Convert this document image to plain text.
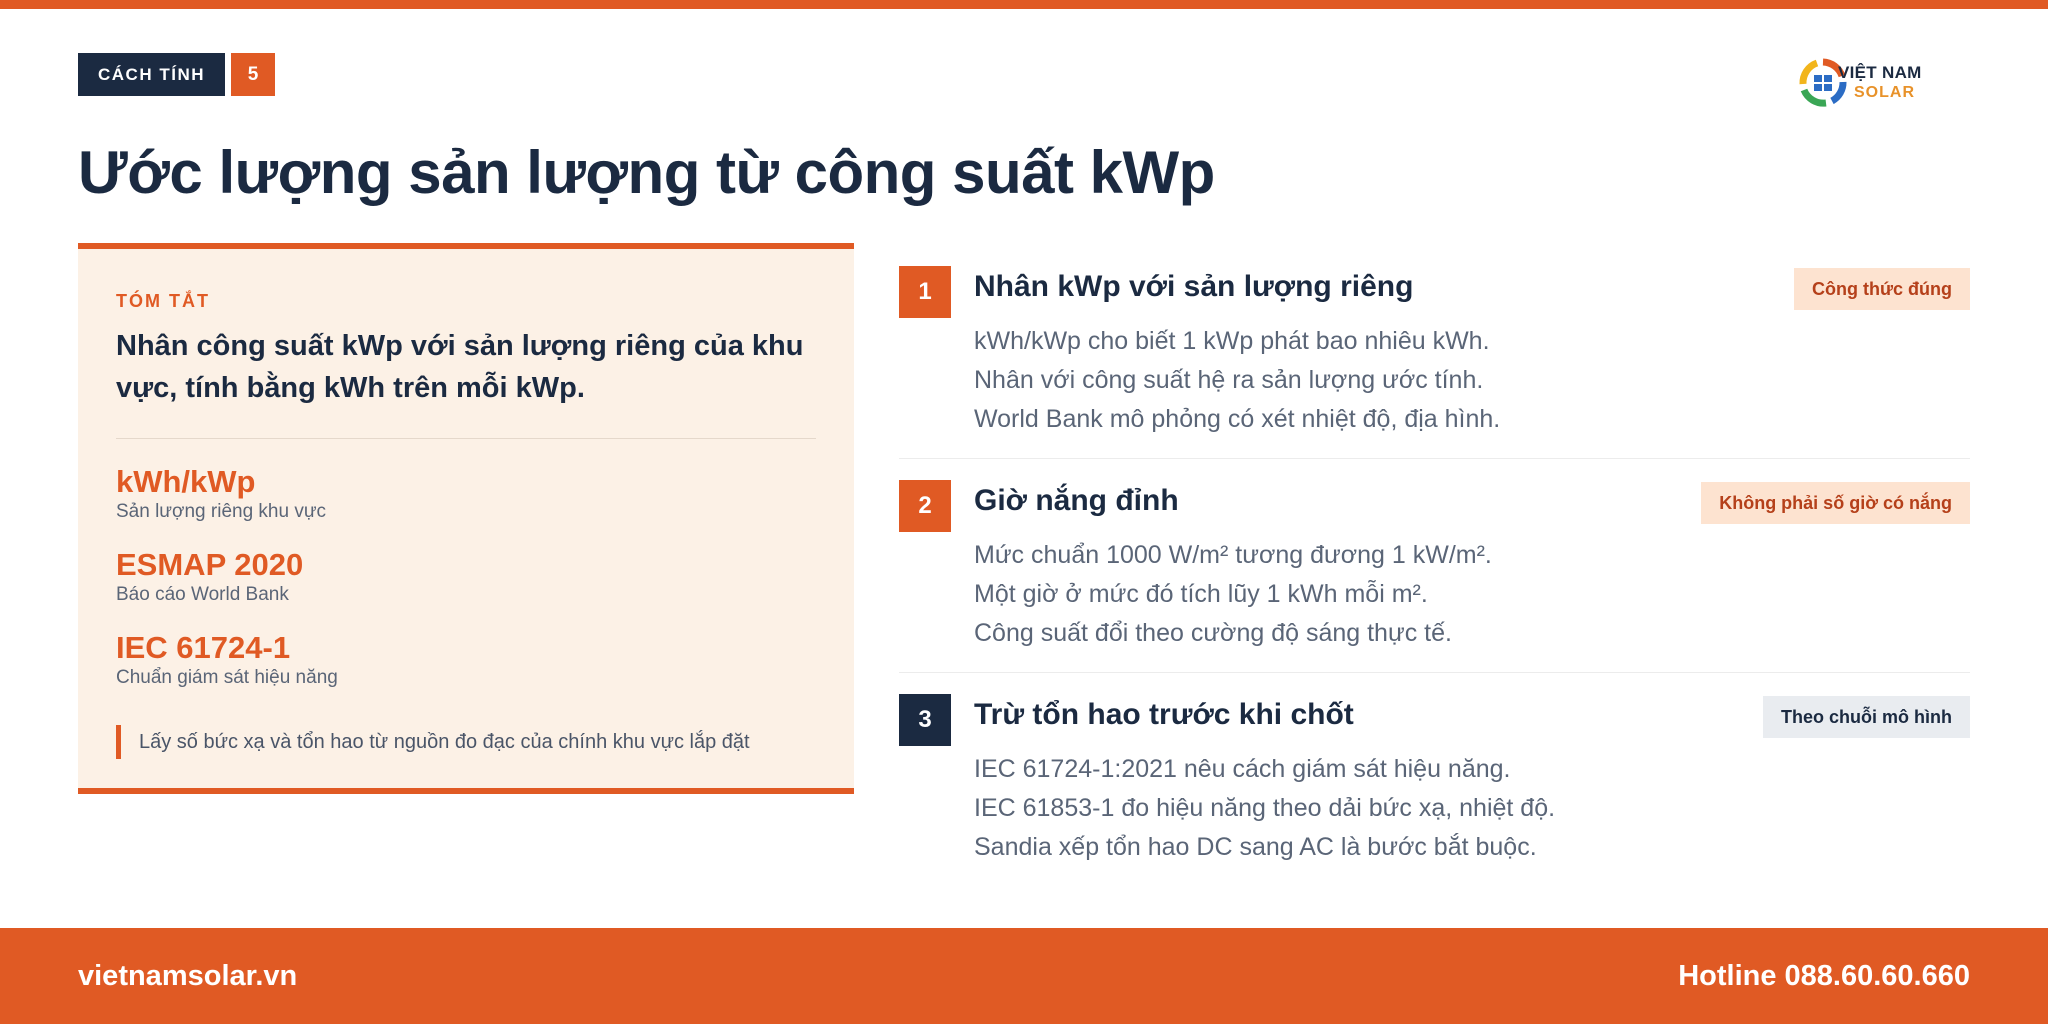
CÁCH TÍNH	5	VIỆT NAM
SOLAR
Ước lượng sản lượng từ công suất kWp
TÓM TẮT
Nhân công suất kWp với sản lượng riêng của khu vực, tính bằng kWh trên mỗi kWp.
kWh/kWp
Sản lượng riêng khu vực
ESMAP 2020
Báo cáo World Bank
IEC 61724-1
Chuẩn giám sát hiệu năng
Lấy số bức xạ và tổn hao từ nguồn đo đạc của chính khu vực lắp đặt
1	Nhân kWp với sản lượng riêng	Công thức đúng
kWh/kWp cho biết 1 kWp phát bao nhiêu kWh.
Nhân với công suất hệ ra sản lượng ước tính.
World Bank mô phỏng có xét nhiệt độ, địa hình.
2	Giờ nắng đỉnh	Không phải số giờ có nắng
Mức chuẩn 1000 W/m² tương đương 1 kW/m².
Một giờ ở mức đó tích lũy 1 kWh mỗi m².
Công suất đổi theo cường độ sáng thực tế.
3	Trừ tổn hao trước khi chốt	Theo chuỗi mô hình
IEC 61724-1:2021 nêu cách giám sát hiệu năng.
IEC 61853-1 đo hiệu năng theo dải bức xạ, nhiệt độ.
Sandia xếp tổn hao DC sang AC là bước bắt buộc.
vietnamsolar.vn	Hotline 088.60.60.660
